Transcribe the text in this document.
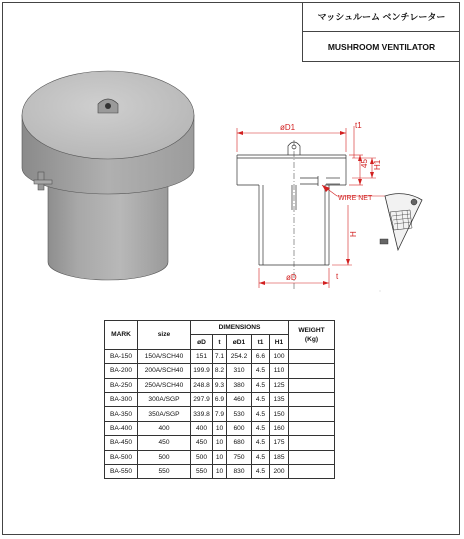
マッシュルーム ベンチレーター
MUSHROOM VENTILATOR
øD1	t1
45 H1
WIRE NET
H
øD	t
MARK	size	DIMENSIONS					WEIGHT
(Kg)

		øD	t	øD1	t1	H1	
BA-150	150A/SCH40	151	7.1	254.2	6.6	100	
BA-200	200A/SCH40	199.9	8.2	310	4.5	110	
BA-250	250A/SCH40	248.8	9.3	380	4.5	125	
BA-300	300A/SGP	297.9	6.9	460	4.5	135	
BA-350	350A/SGP	339.8	7.9	530	4.5	150	
BA-400	400	400	10	600	4.5	160	
BA-450	450	450	10	680	4.5	175	
BA-500	500	500	10	750	4.5	185	
BA-550	550	550	10	830	4.5	200	
